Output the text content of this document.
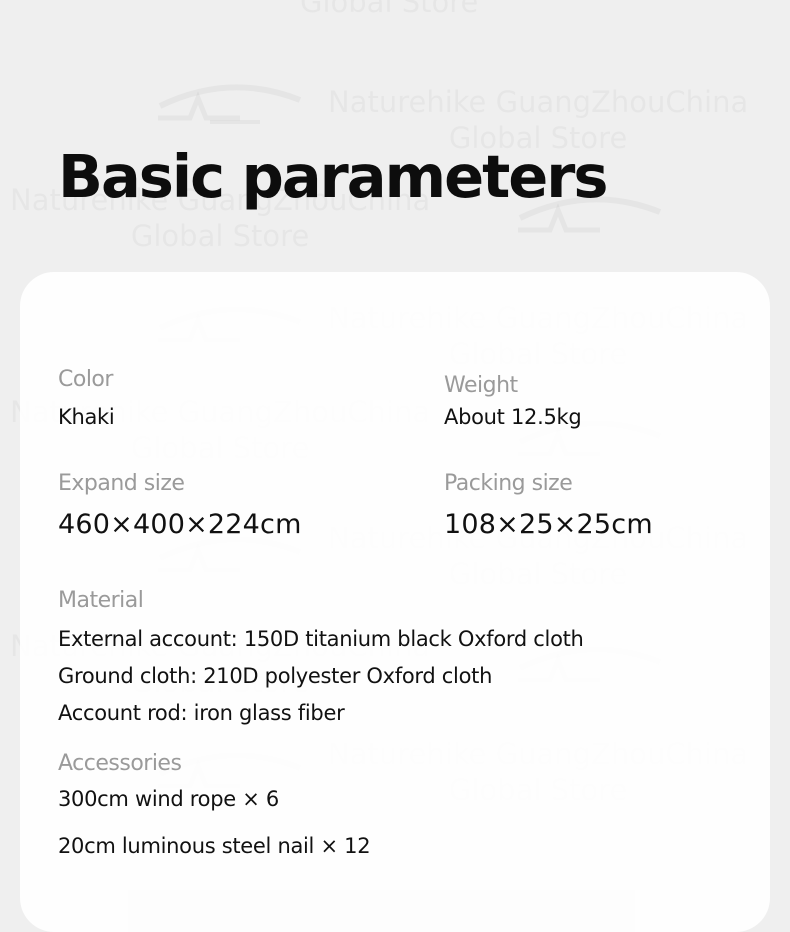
Basic parameters
Color
Khaki
Weight
About 12.5kg
Expand size
460×400×224cm
Packing size
108×25×25cm
Material
External account: 150D titanium black Oxford cloth
Ground cloth: 210D polyester Oxford cloth
Account rod: iron glass fiber
Accessories
300cm wind rope × 6
20cm luminous steel nail × 12
